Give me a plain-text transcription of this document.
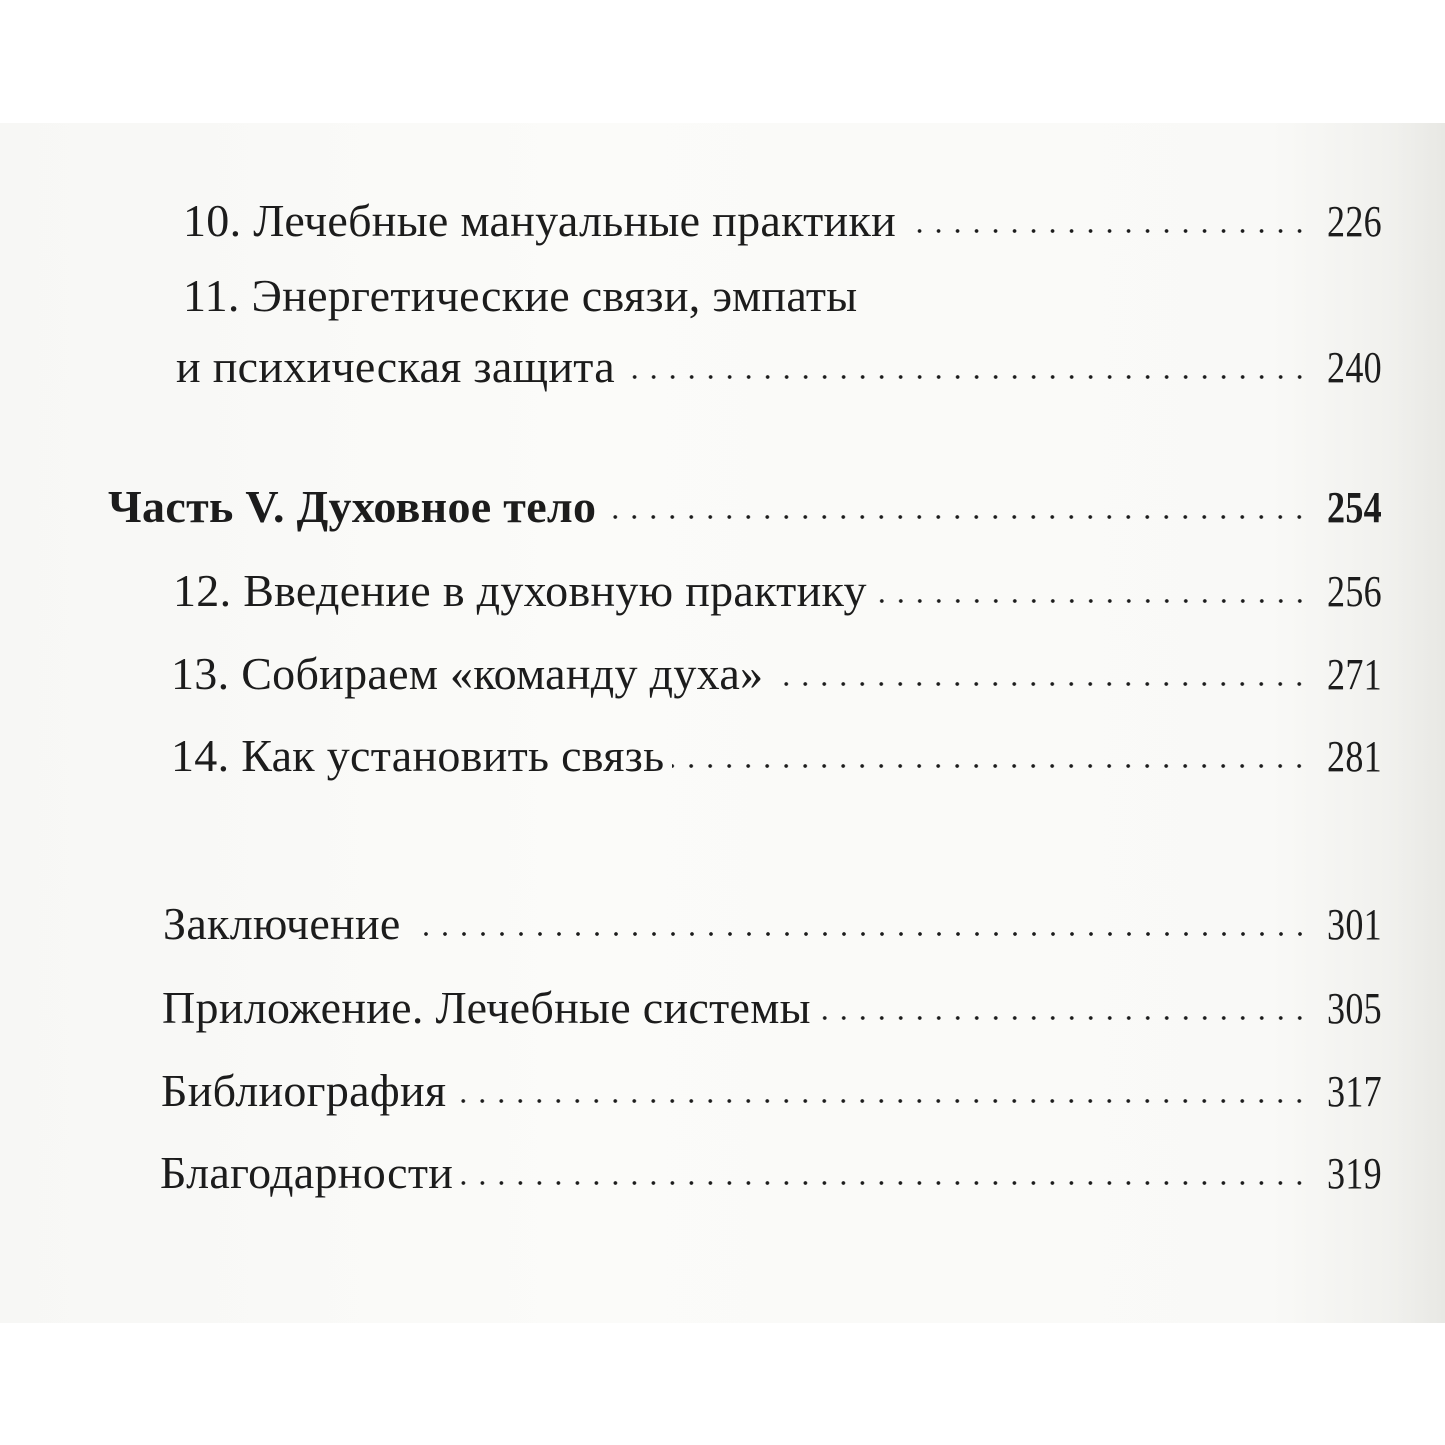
10. Лечебные мануальные практики	226
11. Энергетические связи, эмпаты
и психическая защита	240
Часть V. Духовное тело	254
12. Введение в духовную практику	256
13. Собираем «команду духа»	271
14. Как установить связь	281
Заключение	301
Приложение. Лечебные системы	305
Библиография	317
Благодарности	319
